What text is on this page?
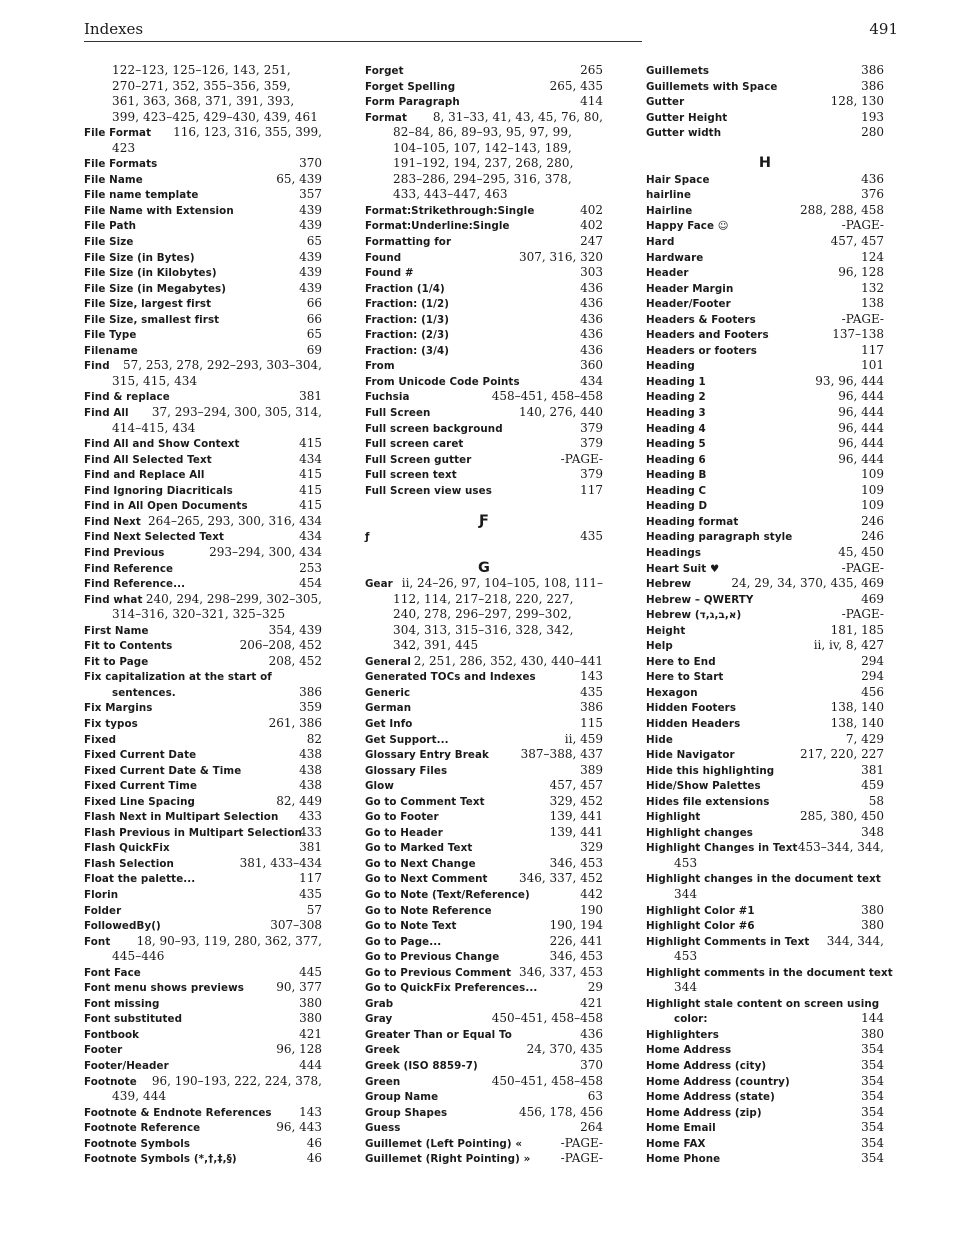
Indexes	491
122–123, 125–126, 143, 251,
270–271, 352, 355–356, 359,
361, 363, 368, 371, 391, 393,
399, 423–425, 429–430, 439, 461
File Format 116, 123, 316, 355, 399,
423
File Formats	370
File Name	65, 439
File name template	357
File Name with Extension	439
File Path	439
File Size	65
File Size (in Bytes)	439
File Size (in Kilobytes)	439
File Size (in Megabytes)	439
File Size, largest first	66
File Size, smallest first	66
File Type	65
Filename	69
Find 57, 253, 278, 292–293, 303–304,
315, 415, 434
Find & replace	381
Find All 37, 293–294, 300, 305, 314,
414–415, 434
Find All and Show Context	415
Find All Selected Text	434
Find and Replace All	415
Find Ignoring Diacriticals	415
Find in All Open Documents	415
Find Next 264–265, 293, 300, 316, 434
Find Next Selected Text	434
Find Previous	293–294, 300, 434
Find Reference	253
Find Reference...	454
Find what 240, 294, 298–299, 302–305,
314–316, 320–321, 325–325
First Name	354, 439
Fit to Contents	206–208, 452
Fit to Page	208, 452
Fix capitalization at the start of
sentences.	386
Fix Margins	359
Fix typos	261, 386
Fixed	82
Fixed Current Date	438
Fixed Current Date & Time	438
Fixed Current Time	438
Fixed Line Spacing	82, 449
Flash Next in Multipart Selection 433
Flash Previous in Multipart Selection
433
Flash QuickFix	381
Flash Selection	381, 433–434
Float the palette...	117
Florin	435
Folder	57
FollowedBy()	307–308
Font 18, 90–93, 119, 280, 362, 377,
445–446
Font Face	445
Font menu shows previews	90, 377
Font missing	380
Font substituted	380
Fontbook	421
Footer	96, 128
Footer/Header	444
Footnote 96, 190–193, 222, 224, 378,
439, 444
Footnote & Endnote References 143
Footnote Reference	96, 443
Footnote Symbols	46
Footnote Symbols (*,†,‡,§)	46
Forget	265
Forget Spelling	265, 435
Form Paragraph	414
Format 8, 31–33, 41, 43, 45, 76, 80,
82–84, 86, 89–93, 95, 97, 99,
104–105, 107, 142–143, 189,
191–192, 194, 237, 268, 280,
283–286, 294–295, 316, 378,
433, 443–447, 463
Format:Strikethrough:Single	402
Format:Underline:Single	402
Formatting for	247
Found	307, 316, 320
Found #	303
Fraction (1/4)	436
Fraction: (1/2)	436
Fraction: (1/3)	436
Fraction: (2/3)	436
Fraction: (3/4)	436
From	360
From Unicode Code Points	434
Fuchsia	458–451, 458–458
Full Screen	140, 276, 440
Full screen background	379
Full screen caret	379
Full Screen gutter	-PAGE-
Full screen text	379
Full Screen view uses	117
Ƒ
ƒ	435
G
Gear ii, 24–26, 97, 104–105, 108, 111–
112, 114, 217–218, 220, 227,
240, 278, 296–297, 299–302,
304, 313, 315–316, 328, 342,
342, 391, 445
General 2, 251, 286, 352, 430, 440–441
Generated TOCs and Indexes	143
Generic	435
German	386
Get Info	115
Get Support...	ii, 459
Glossary Entry Break	387–388, 437
Glossary Files	389
Glow	457, 457
Go to Comment Text	329, 452
Go to Footer	139, 441
Go to Header	139, 441
Go to Marked Text	329
Go to Next Change	346, 453
Go to Next Comment	346, 337, 452
Go to Note (Text/Reference)	442
Go to Note Reference	190
Go to Note Text	190, 194
Go to Page...	226, 441
Go to Previous Change	346, 453
Go to Previous Comment 346, 337, 453
Go to QuickFix Preferences...	29
Grab	421
Gray	450–451, 458–458
Greater Than or Equal To	436
Greek	24, 370, 435
Greek (ISO 8859-7)	370
Green	450–451, 458–458
Group Name	63
Group Shapes	456, 178, 456
Guess	264
Guillemet (Left Pointing) «	-PAGE-
Guillemet (Right Pointing) »	-PAGE-
Guillemets	386
Guillemets with Space	386
Gutter	128, 130
Gutter Height	193
Gutter width	280
H
Hair Space	436
hairline	376
Hairline	288, 288, 458
Happy Face ☺	-PAGE-
Hard	457, 457
Hardware	124
Header	96, 128
Header Margin	132
Header/Footer	138
Headers & Footers	-PAGE-
Headers and Footers	137–138
Headers or footers	117
Heading	101
Heading 1	93, 96, 444
Heading 2	96, 444
Heading 3	96, 444
Heading 4	96, 444
Heading 5	96, 444
Heading 6	96, 444
Heading B	109
Heading C	109
Heading D	109
Heading format	246
Heading paragraph style	246
Headings	45, 450
Heart Suit ♥	-PAGE-
Hebrew	24, 29, 34, 370, 435, 469
Hebrew – QWERTY	469
Hebrew (א,ב,ג,ד)	-PAGE-
Height	181, 185
Help	ii, iv, 8, 427
Here to End	294
Here to Start	294
Hexagon	456
Hidden Footers	138, 140
Hidden Headers	138, 140
Hide	7, 429
Hide Navigator	217, 220, 227
Hide this highlighting	381
Hide/Show Palettes	459
Hides file extensions	58
Highlight	285, 380, 450
Highlight changes	348
Highlight Changes in Text 453–344, 344,
453
Highlight changes in the document text
344
Highlight Color #1	380
Highlight Color #6	380
Highlight Comments in Text 344, 344,
453
Highlight comments in the document text
344
Highlight stale content on screen using
color:	144
Highlighters	380
Home Address	354
Home Address (city)	354
Home Address (country)	354
Home Address (state)	354
Home Address (zip)	354
Home Email	354
Home FAX	354
Home Phone	354
